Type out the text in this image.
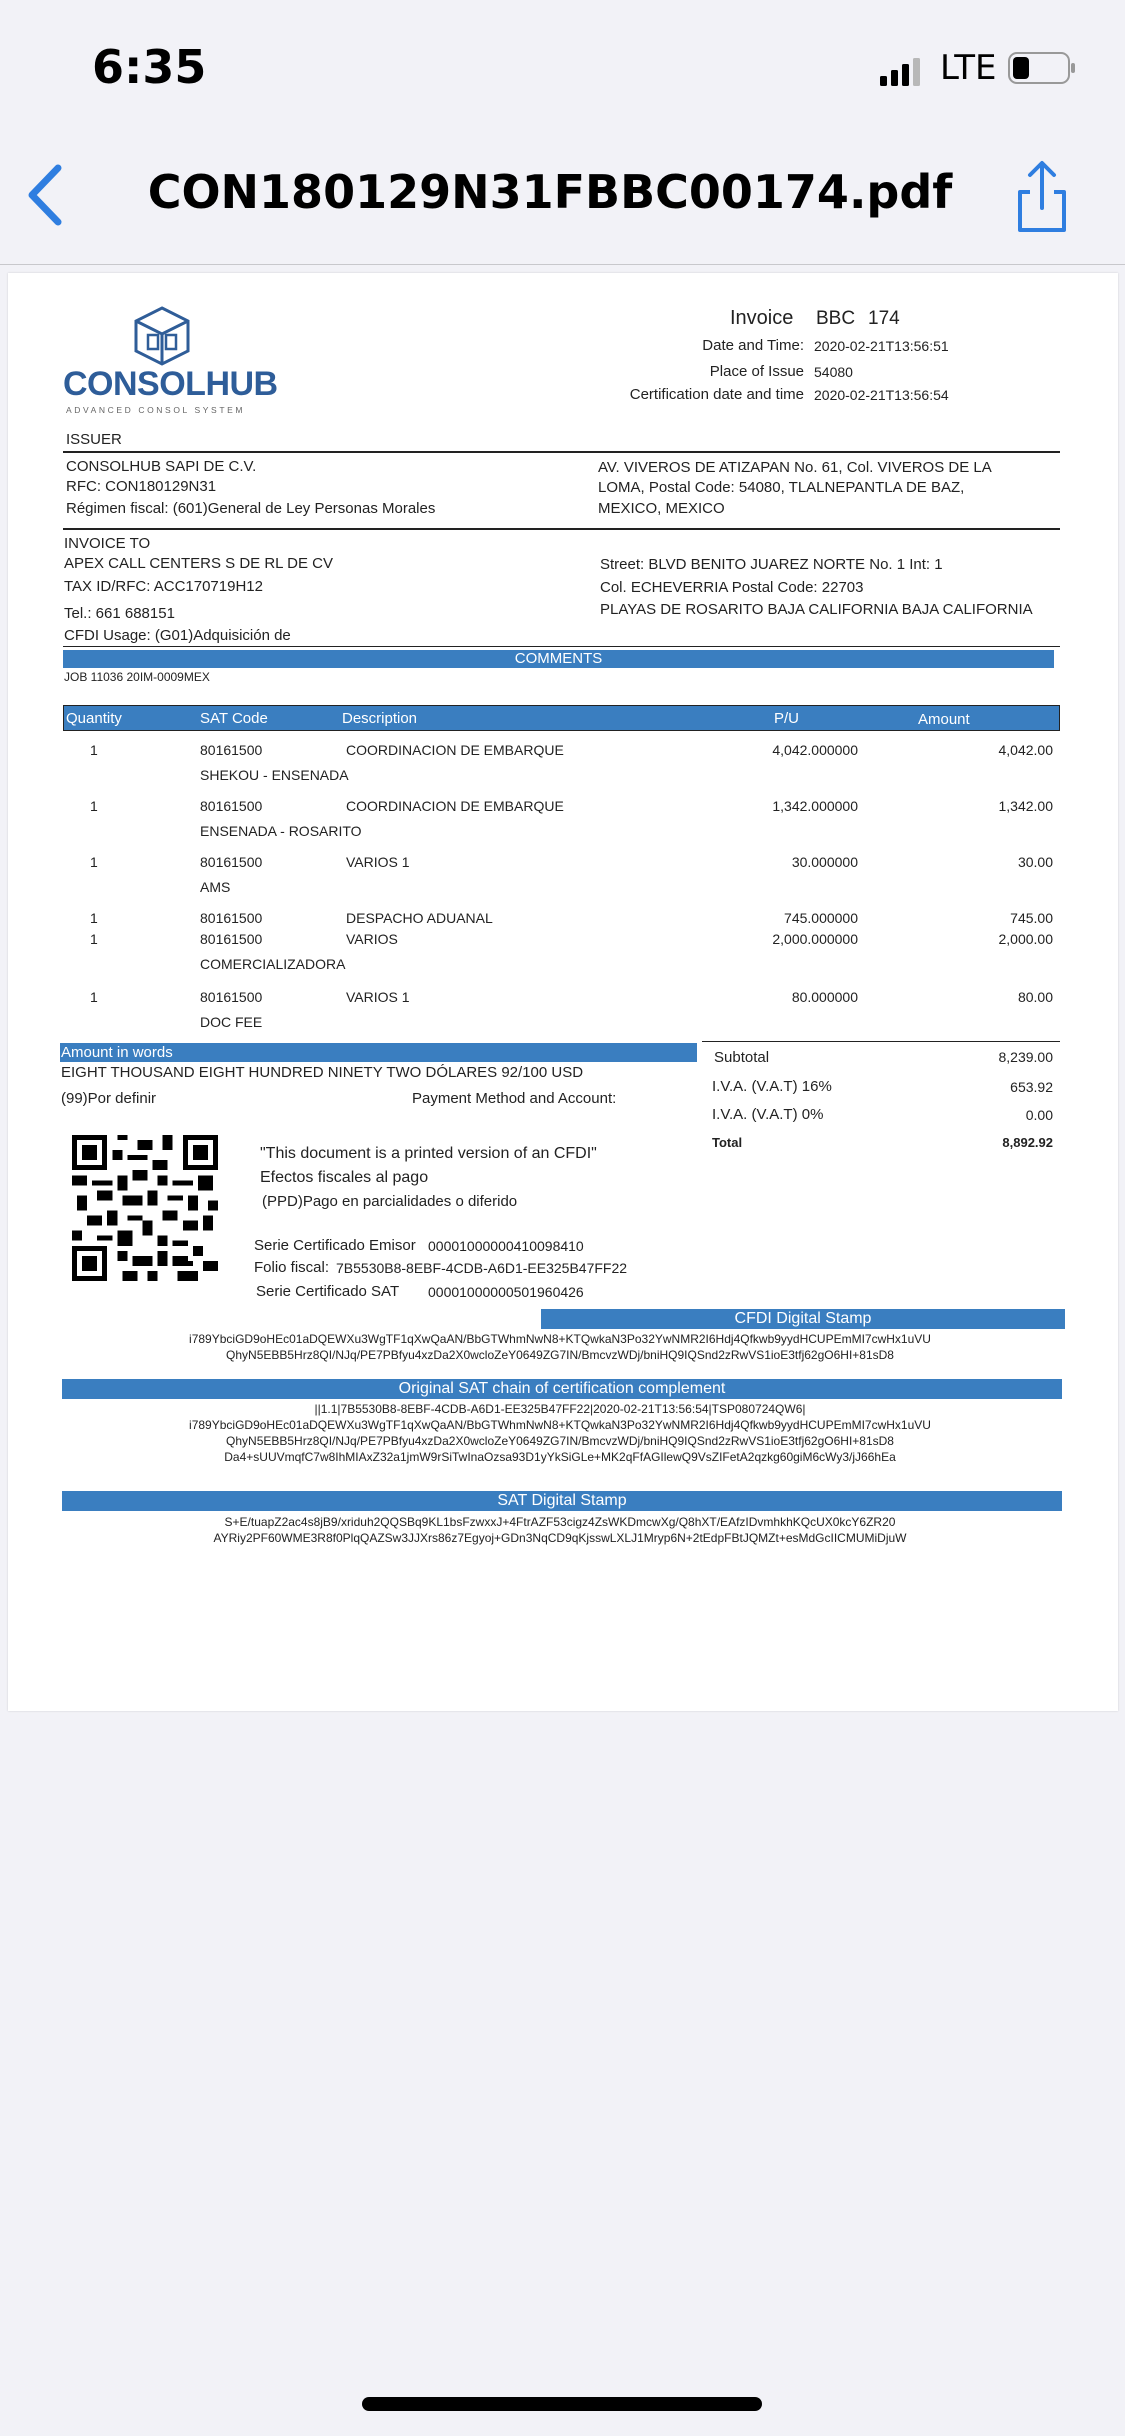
6:35	LTE
CON180129N31FBBC00174.pdf
CONSOLHUB
ADVANCED CONSOL SYSTEM
Invoice BBC 174
Date and Time: 2020-02-21T13:56:51
Place of Issue 54080
Certification date and time 2020-02-21T13:56:54
ISSUER
CONSOLHUB SAPI DE C.V.
RFC: CON180129N31
Régimen fiscal: (601)General de Ley Personas Morales
AV. VIVEROS DE ATIZAPAN No. 61, Col. VIVEROS DE LA
LOMA, Postal Code: 54080, TLALNEPANTLA DE BAZ,
MEXICO, MEXICO
INVOICE TO
APEX CALL CENTERS S DE RL DE CV
TAX ID/RFC: ACC170719H12
Tel.: 661 688151
CFDI Usage: (G01)Adquisición de
Street: BLVD BENITO JUAREZ NORTE No. 1 Int: 1
Col. ECHEVERRIA Postal Code: 22703
PLAYAS DE ROSARITO BAJA CALIFORNIA BAJA CALIFORNIA
COMMENTS
JOB 11036 20IM-0009MEX
Quantity	SAT Code	Description	P/U	Amount
1	80161500	COORDINACION DE EMBARQUE	4,042.000000	4,042.00
SHEKOU - ENSENADA
1	80161500	COORDINACION DE EMBARQUE	1,342.000000	1,342.00
ENSENADA - ROSARITO
1	80161500	VARIOS 1	30.000000	30.00
AMS
1	80161500	DESPACHO ADUANAL	745.000000	745.00
1	80161500	VARIOS	2,000.000000	2,000.00
COMERCIALIZADORA
1	80161500	VARIOS 1	80.000000	80.00
DOC FEE
Amount in words
EIGHT THOUSAND EIGHT HUNDRED NINETY TWO DÓLARES 92/100 USD
(99)Por definir	Payment Method and Account:
Subtotal	8,239.00
I.V.A. (V.A.T) 16%	653.92
I.V.A. (V.A.T) 0%	0.00
Total	8,892.92
"This document is a printed version of an CFDI"
Efectos fiscales al pago
(PPD)Pago en parcialidades o diferido
Serie Certificado Emisor 00001000000410098410
Folio fiscal: 7B5530B8-8EBF-4CDB-A6D1-EE325B47FF22
Serie Certificado SAT 00001000000501960426
CFDI Digital Stamp
i789YbciGD9oHEc01aDQEWXu3WgTF1qXwQaAN/BbGTWhmNwN8+KTQwkaN3Po32YwNMR2I6Hdj4Qfkwb9yydHCUPEmMI7cwHx1uVU
QhyN5EBB5Hrz8QI/NJq/PE7PBfyu4xzDa2X0wcloZeY0649ZG7IN/BmcvzWDj/bniHQ9IQSnd2zRwVS1ioE3tfj62gO6HI+81sD8
Original SAT chain of certification complement
||1.1|7B5530B8-8EBF-4CDB-A6D1-EE325B47FF22|2020-02-21T13:56:54|TSP080724QW6|
i789YbciGD9oHEc01aDQEWXu3WgTF1qXwQaAN/BbGTWhmNwN8+KTQwkaN3Po32YwNMR2I6Hdj4Qfkwb9yydHCUPEmMI7cwHx1uVU
QhyN5EBB5Hrz8QI/NJq/PE7PBfyu4xzDa2X0wcloZeY0649ZG7IN/BmcvzWDj/bniHQ9IQSnd2zRwVS1ioE3tfj62gO6HI+81sD8
Da4+sUUVmqfC7w8IhMIAxZ32a1jmW9rSiTwInaOzsa93D1yYkSiGLe+MK2qFfAGIlewQ9VsZIFetA2qzkg60giM6cWy3/jJ66hEa
SAT Digital Stamp
S+E/tuapZ2ac4s8jB9/xriduh2QQSBq9KL1bsFzwxxJ+4FtrAZF53cigz4ZsWKDmcwXg/Q8hXT/EAfzIDvmhkhKQcUX0kcY6ZR20
AYRiy2PF60WME3R8f0PlqQAZSw3JJXrs86z7Egyoj+GDn3NqCD9qKjsswLXLJ1Mryp6N+2tEdpFBtJQMZt+esMdGcIICMUMiDjuW
